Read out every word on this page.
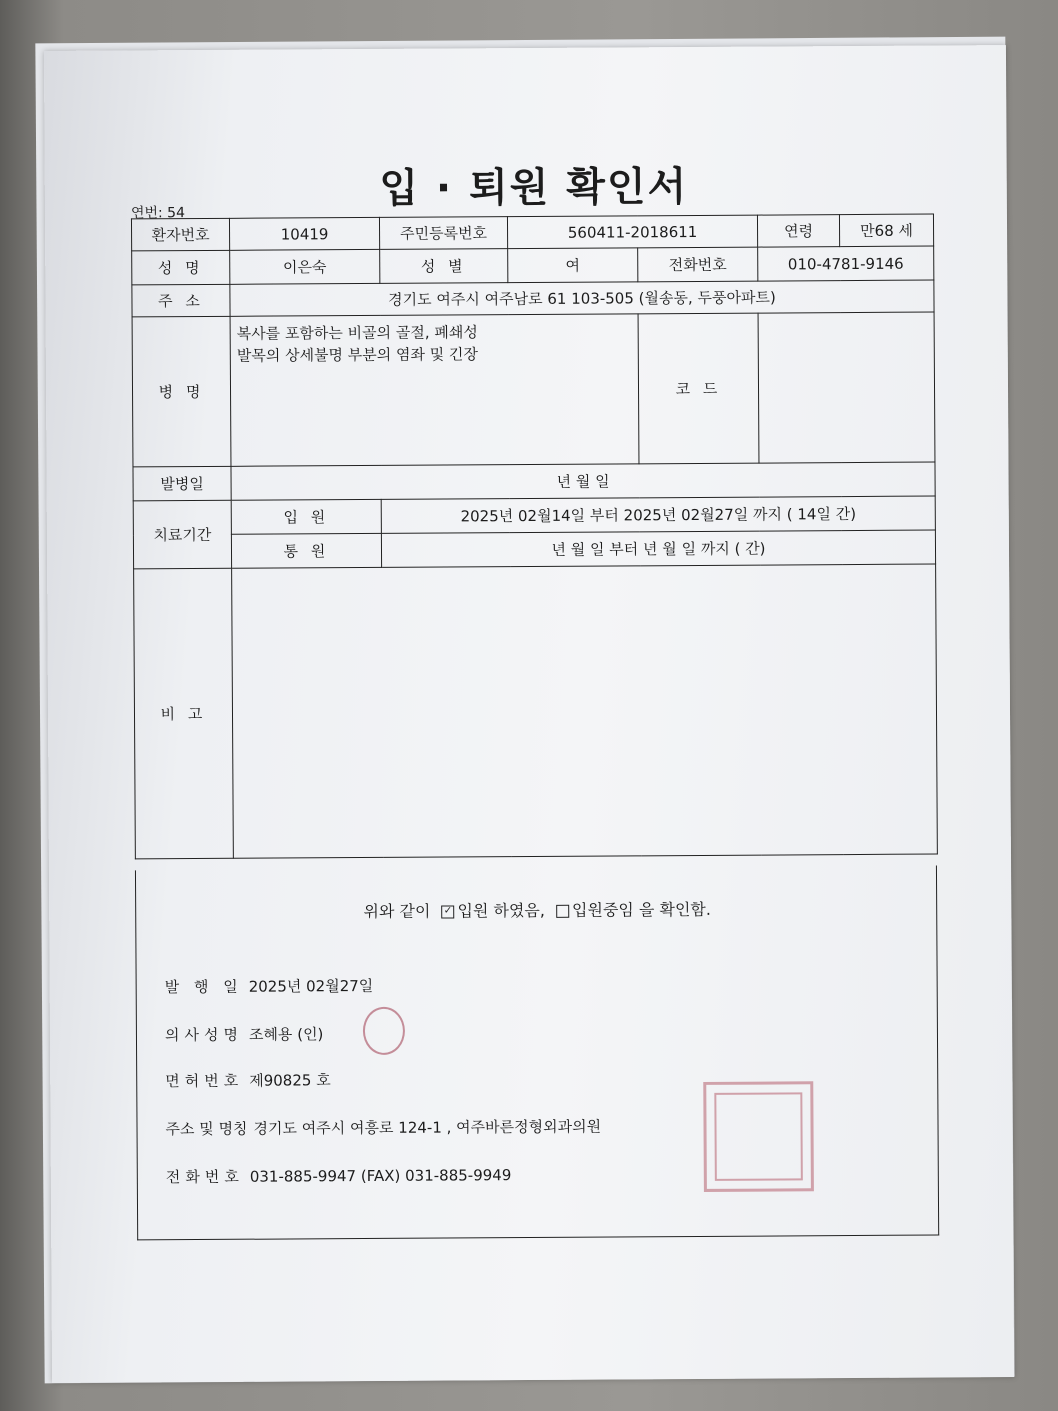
입 · 퇴원 확인서
연번: 54
환자번호	10419	주민등록번호	560411-2018611		연령	만68 세
성 명	이은숙	성 별	여	전화번호	010-4781-9146	
주 소	경기도 여주시 여주남로 61 103-505 (월송동, 두풍아파트)					
병 명	복사를 포함하는 비골의 골절, 폐쇄성
발목의 상세불명 부분의 염좌 및 긴장			코 드		
발병일	년 월 일					
치료기간	입 원	2025년 02월14일 부터 2025년 02월27일 까지 ( 14일 간)				
	통 원	년 월 일 부터 년 월 일 까지 ( 간)				
비 고						
위와 같이 ✓ 입원 하였음, 입원중임 을 확인함.
발 행 일 2025년 02월27일
의사성명 조혜용 (인)
면허번호 제90825 호
주소 및 명칭 경기도 여주시 여흥로 124-1 , 여주바른정형외과의원
전화번호 031-885-9947 (FAX) 031-885-9949
